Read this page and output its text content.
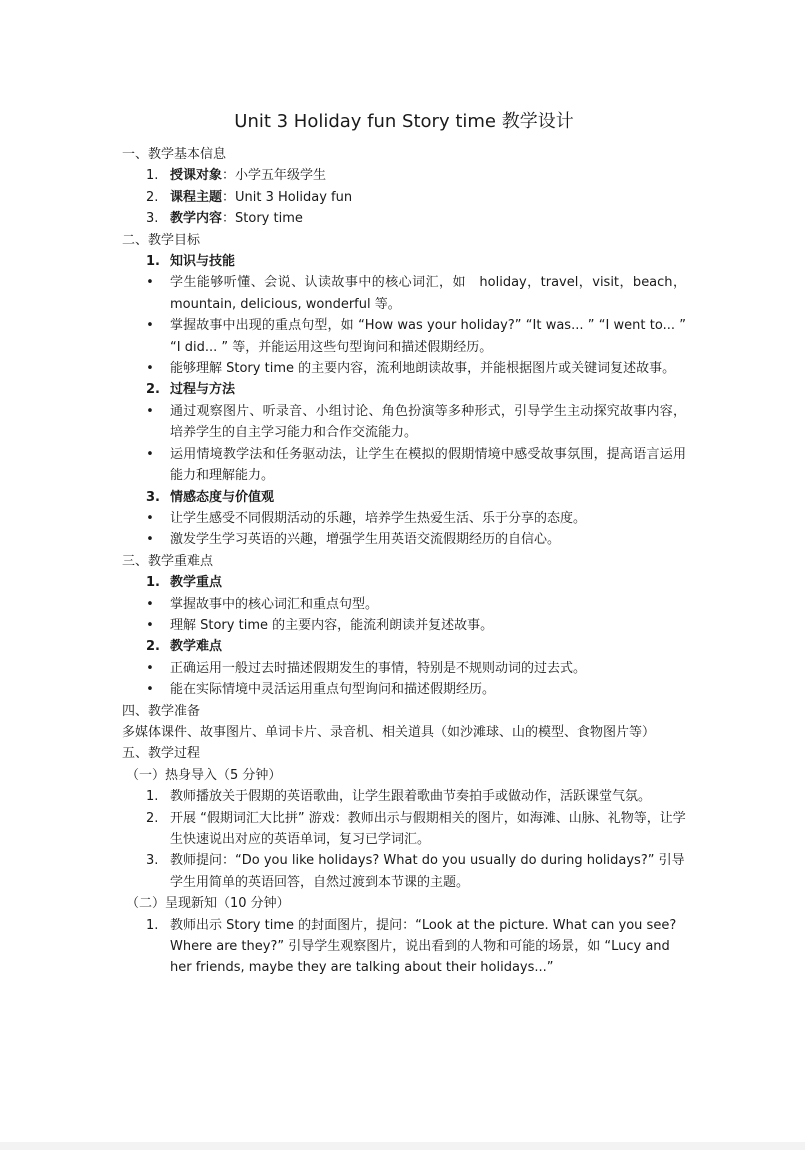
Unit 3 Holiday fun Story time 教学设计
一、教学基本信息
1. 授课对象：小学五年级学生
2. 课程主题：Unit 3 Holiday fun
3. 教学内容：Story time
二、教学目标
1. 知识与技能
• 学生能够听懂、会说、认读故事中的核心词汇，如　holiday，travel，visit，beach，mountain, delicious, wonderful 等。
• 掌握故事中出现的重点句型，如 “How was your holiday?” “It was... ” “I went to... ” “I did... ” 等，并能运用这些句型询问和描述假期经历。
• 能够理解 Story time 的主要内容，流利地朗读故事，并能根据图片或关键词复述故事。
2. 过程与方法
• 通过观察图片、听录音、小组讨论、角色扮演等多种形式，引导学生主动探究故事内容，培养学生的自主学习能力和合作交流能力。
• 运用情境教学法和任务驱动法，让学生在模拟的假期情境中感受故事氛围，提高语言运用能力和理解能力。
3. 情感态度与价值观
• 让学生感受不同假期活动的乐趣，培养学生热爱生活、乐于分享的态度。
• 激发学生学习英语的兴趣，增强学生用英语交流假期经历的自信心。
三、教学重难点
1. 教学重点
• 掌握故事中的核心词汇和重点句型。
• 理解 Story time 的主要内容，能流利朗读并复述故事。
2. 教学难点
• 正确运用一般过去时描述假期发生的事情，特别是不规则动词的过去式。
• 能在实际情境中灵活运用重点句型询问和描述假期经历。
四、教学准备
多媒体课件、故事图片、单词卡片、录音机、相关道具（如沙滩球、山的模型、食物图片等）
五、教学过程
（一）热身导入（5 分钟）
1. 教师播放关于假期的英语歌曲，让学生跟着歌曲节奏拍手或做动作，活跃课堂气氛。
2. 开展 “假期词汇大比拼” 游戏：教师出示与假期相关的图片，如海滩、山脉、礼物等，让学生快速说出对应的英语单词，复习已学词汇。
3. 教师提问：“Do you like holidays? What do you usually do during holidays?” 引导学生用简单的英语回答，自然过渡到本节课的主题。
（二）呈现新知（10 分钟）
1. 教师出示 Story time 的封面图片，提问：“Look at the picture. What can you see? Where are they?” 引导学生观察图片，说出看到的人物和可能的场景，如 “Lucy and her friends, maybe they are talking about their holidays...”
